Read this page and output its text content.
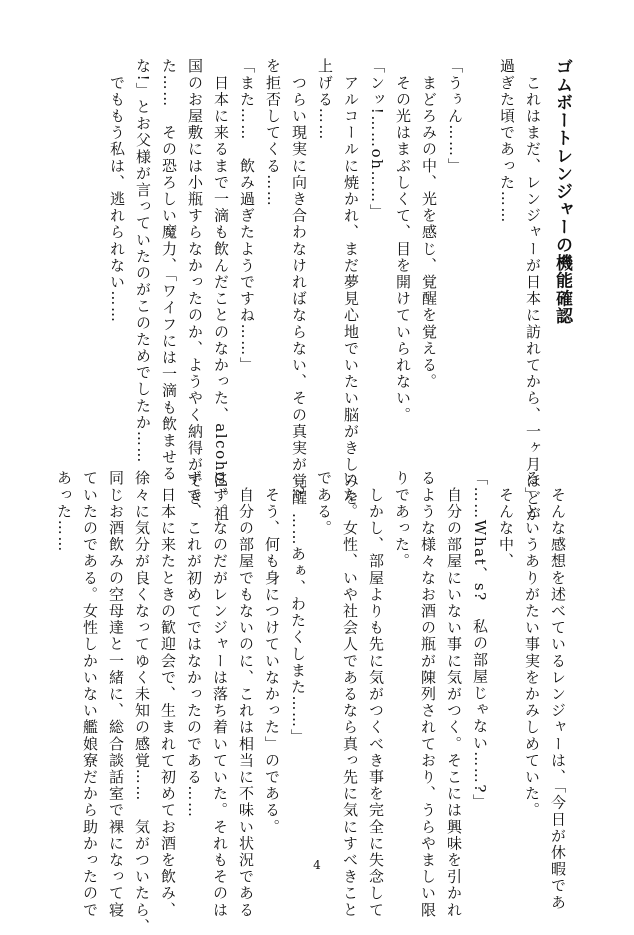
ゴムボートレンジャーの機能確認
　これはまだ、レンジャーが日本に訪れてから、一ヶ月ほどが
過ぎた頃であった……
「うぅん……」
　まどろみの中、光を感じ、覚醒を覚える。
　その光はまぶしくて、目を開けていられない。
「ンッ!……oh……」
　アルコールに焼かれ、まだ夢見心地でいたい脳がきしみを
上げる……
　つらい現実に向き合わなければならない、その真実が覚醒
を拒否してくる……
「また……　飲み過ぎたようですね……」
　日本に来るまで一滴も飲んだことのなかった、alcohol。祖
国のお屋敷には小瓶すらなかったのか、ようやく納得ができ
た……　その恐ろしい魔力、「ワイフには一滴も飲ませる
な!」とお父様が言っていたのがこのためでしたか……
　でももう私は、逃れられない……
　そんな感想を述べているレンジャーは、「今日が休暇であ
る」というありがたい事実をかみしめていた。
　そんな中、
「……What、s?　私の部屋じゃない……?」
　自分の部屋にいない事に気がつく。そこには興味を引かれ
るような様々なお酒の瓶が陳列されており、うらやましい限
りであった。
　しかし、部屋よりも先に気がつくべき事を完全に失念して
いた。女性、いや社会人であるなら真っ先に気にすべきこと
である。
「?　……あぁ、わたくしまた……」
　そう、何も身につけていなかった」のである。
　自分の部屋でもないのに、これは相当に不味い状況である
はず。なのだがレンジャーは落ち着いていた。それもそのは
ずで、これが初めてではなかったのである……
　日本に来たときの歓迎会で、生まれて初めてお酒を飲み、
徐々に気分が良くなってゆく未知の感覚……　気がついたら、
同じお酒飲みの空母達と一緒に、総合談話室で裸になって寝
ていたのである。女性しかいない艦娘寮だから助かったので
あった……
4
